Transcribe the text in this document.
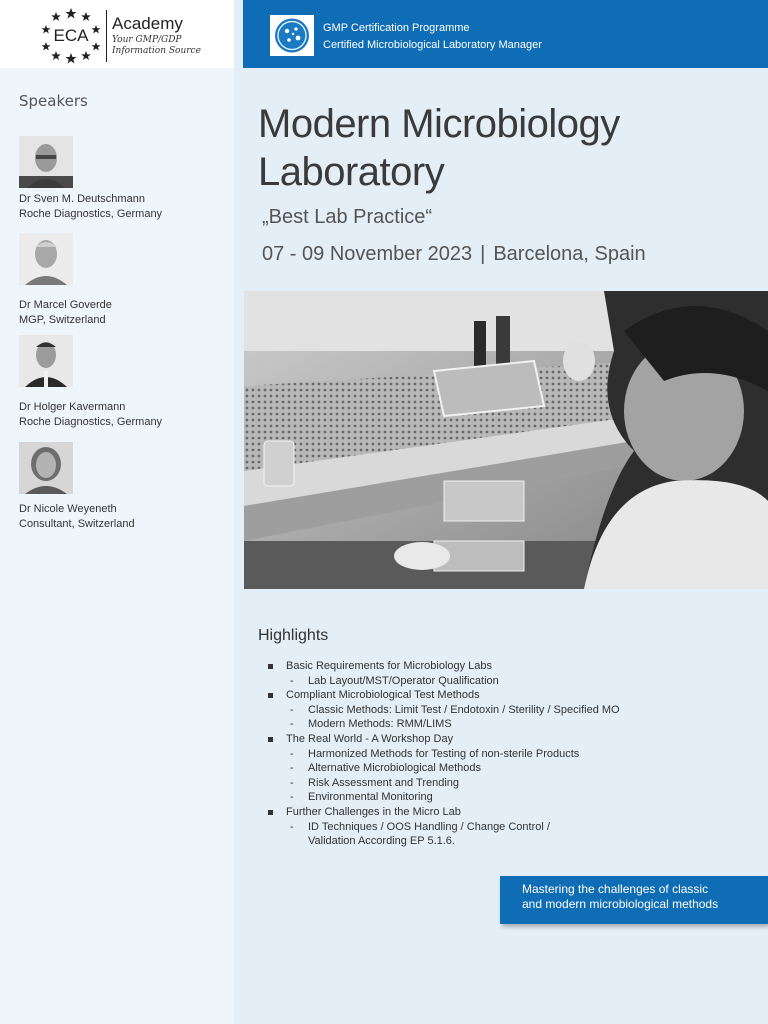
ECA
Academy
Your GMP/GDP Information Source
Speakers
Dr Sven M. Deutschmann
Roche Diagnostics, Germany
Dr Marcel Goverde
MGP, Switzerland
Dr Holger Kavermann
Roche Diagnostics, Germany
Dr Nicole Weyeneth
Consultant, Switzerland
GMP Certification Programme
Certified Microbiological Laboratory Manager
Modern Microbiology
Laboratory
„Best Lab Practice“
07 - 09 November 2023 | Barcelona, Spain
Highlights
Basic Requirements for Microbiology Labs
- Lab Layout/MST/Operator Qualification
Compliant Microbiological Test Methods
- Classic Methods: Limit Test / Endotoxin / Sterility / Specified MO
- Modern Methods: RMM/LIMS
The Real World - A Workshop Day
- Harmonized Methods for Testing of non-sterile Products
- Alternative Microbiological Methods
- Risk Assessment and Trending
- Environmental Monitoring
Further Challenges in the Micro Lab
- ID Techniques / OOS Handling / Change Control /
Validation According EP 5.1.6.
Mastering the challenges of classic
and modern microbiological methods
